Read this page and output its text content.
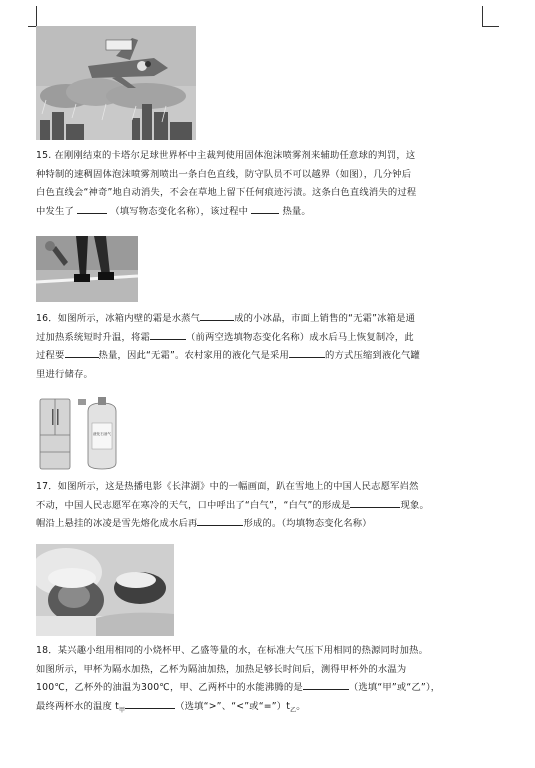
15. 在刚刚结束的卡塔尔足球世界杯中主裁判使用固体泡沫喷雾剂来辅助任意球的判罚，这
种特制的速稠固体泡沫喷雾剂喷出一条白色直线，防守队员不可以越界（如图），几分钟后
白色直线会“神奇”地自动消失，不会在草地上留下任何痕迹污渍。这条白色直线消失的过程
中发生了	（填写物态变化名称），该过程中	热量。

16．如图所示，冰箱内壁的霜是水蒸气	成的小冰晶，市面上销售的“无霜”冰箱是通
过加热系统短时升温，将霜	（前两空选填物态变化名称）成水后马上恢复制冷，此
过程要	热量，因此“无霜”。农村家用的液化气是采用	的方式压缩到液化气罐
里进行储存。

液化石油气

17．如图所示，这是热播电影《长津湖》中的一幅画面，趴在雪地上的中国人民志愿军岿然
不动，中国人民志愿军在寒冷的天气，口中呼出了“白气”，“白气”的形成是	现象。
帽沿上悬挂的冰凌是雪先熔化成水后再	形成的。（均填物态变化名称）

18．某兴趣小组用相同的小烧杯甲、乙盛等量的水，在标准大气压下用相同的热源同时加热。
如图所示，甲杯为隔水加热，乙杯为隔油加热，加热足够长时间后，测得甲杯外的水温为
100℃，乙杯外的油温为300℃，甲、乙两杯中的水能沸腾的是	（选填“甲”或“乙”），
最终两杯水的温度 $t_甲$	（选填“>”、“<”或“$=”)t_乙$。
